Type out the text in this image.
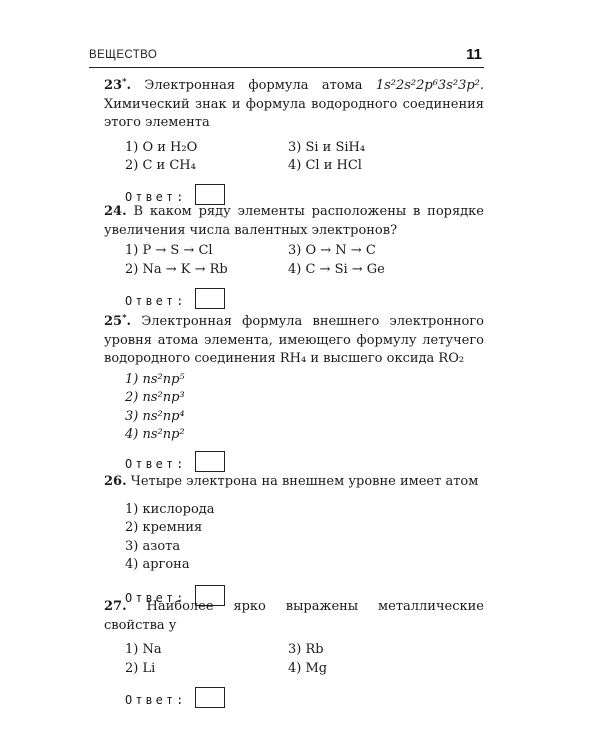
ВЕЩЕСТВО	11
23*. Электронная формула атома 1s²2s²2p⁶3s²3p². Химический знак и формула водородного соединения этого элемента
1) O и H₂O	3) Si и SiH₄
2) C и CH₄	4) Cl и HCl
Ответ:
24. В каком ряду элементы расположены в порядке увеличения числа валентных электронов?
1) P → S → Cl	3) O → N → C
2) Na → K → Rb	4) C → Si → Ge
Ответ:
25*. Электронная формула внешнего электронного уровня атома элемента, имеющего формулу летучего водородного соединения RH₄ и высшего оксида RO₂
1) ns²np⁵
2) ns²np³
3) ns²np⁴
4) ns²np²
Ответ:
26. Четыре электрона на внешнем уровне имеет атом
1) кислорода
2) кремния
3) азота
4) аргона
Ответ:
27. Наиболее ярко выражены металлические свойства у
1) Na	3) Rb
2) Li	4) Mg
Ответ:
